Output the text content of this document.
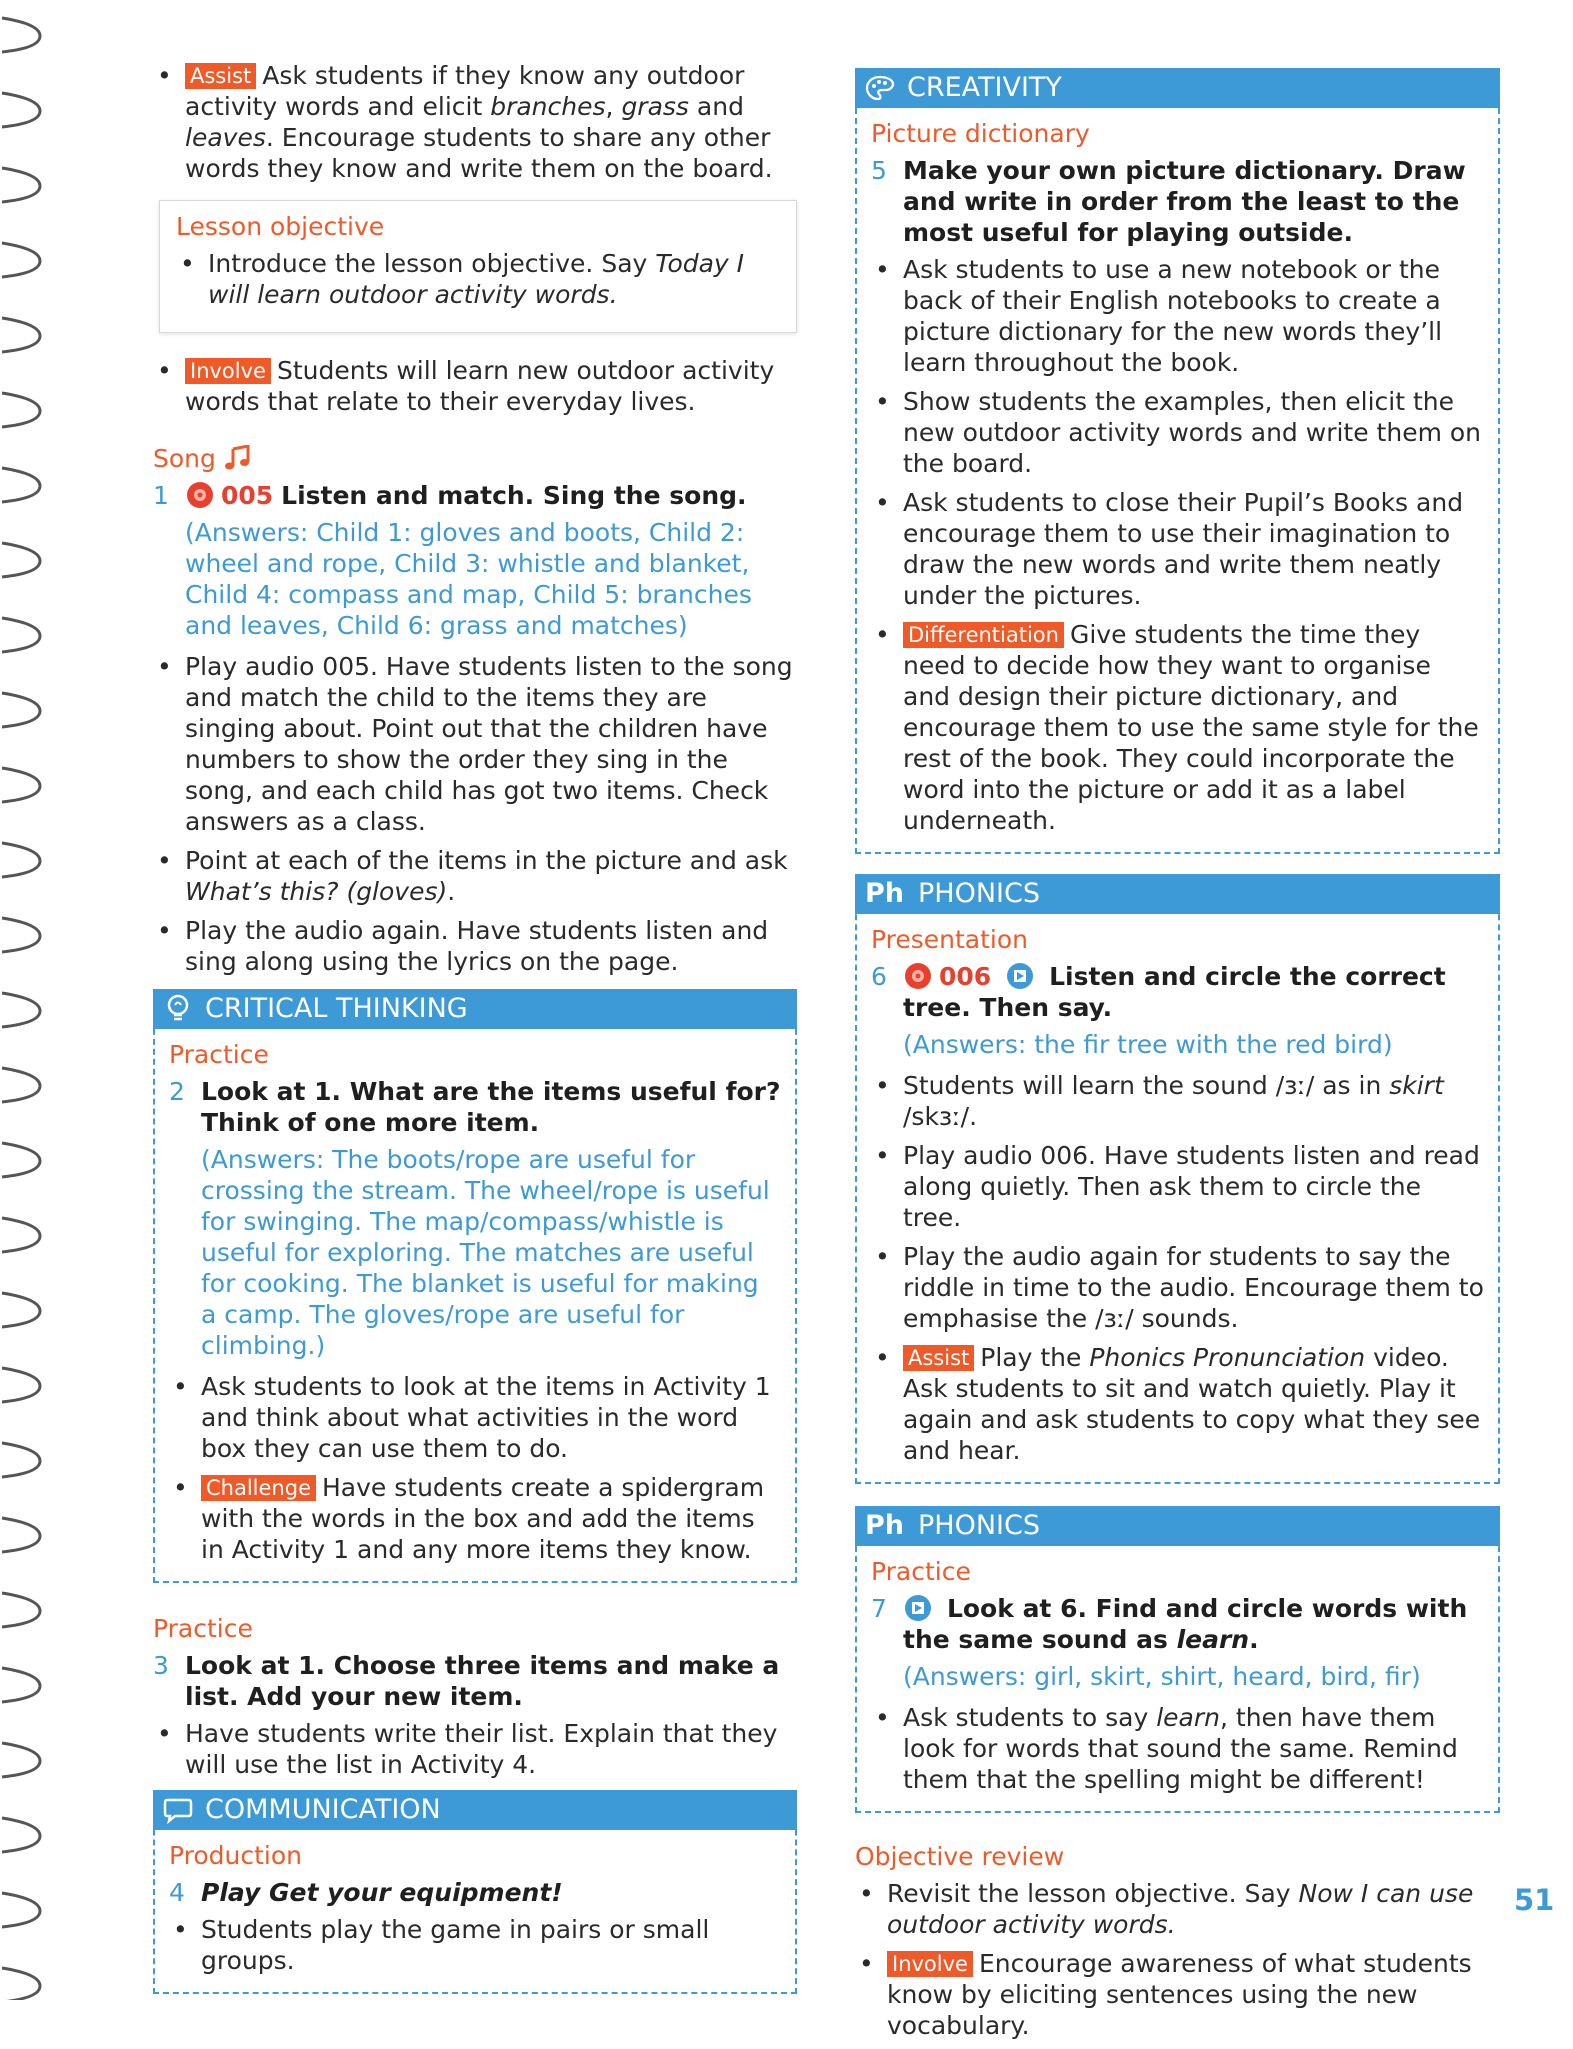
• Assist Ask students if they know any outdoor activity words and elicit branches, grass and leaves. Encourage students to share any other words they know and write them on the board.
Lesson objective
• Introduce the lesson objective. Say Today I will learn outdoor activity words.
• Involve Students will learn new outdoor activity words that relate to their everyday lives.
Song
1 005 Listen and match. Sing the song.
(Answers: Child 1: gloves and boots, Child 2: wheel and rope, Child 3: whistle and blanket, Child 4: compass and map, Child 5: branches and leaves, Child 6: grass and matches)
• Play audio 005. Have students listen to the song and match the child to the items they are singing about. Point out that the children have numbers to show the order they sing in the song, and each child has got two items. Check answers as a class.
• Point at each of the items in the picture and ask What’s this? (gloves).
• Play the audio again. Have students listen and sing along using the lyrics on the page.
CRITICAL THINKING
Practice
2 Look at 1. What are the items useful for? Think of one more item.
(Answers: The boots/rope are useful for crossing the stream. The wheel/rope is useful for swinging. The map/compass/whistle is useful for exploring. The matches are useful for cooking. The blanket is useful for making a camp. The gloves/rope are useful for climbing.)
• Ask students to look at the items in Activity 1 and think about what activities in the word box they can use them to do.
• Challenge Have students create a spidergram with the words in the box and add the items in Activity 1 and any more items they know.
Practice
3 Look at 1. Choose three items and make a list. Add your new item.
• Have students write their list. Explain that they will use the list in Activity 4.
COMMUNICATION
Production
4 Play Get your equipment!
• Students play the game in pairs or small groups.
CREATIVITY
Picture dictionary
5 Make your own picture dictionary. Draw and write in order from the least to the most useful for playing outside.
• Ask students to use a new notebook or the back of their English notebooks to create a picture dictionary for the new words they’ll learn throughout the book.
• Show students the examples, then elicit the new outdoor activity words and write them on the board.
• Ask students to close their Pupil’s Books and encourage them to use their imagination to draw the new words and write them neatly under the pictures.
• Differentiation Give students the time they need to decide how they want to organise and design their picture dictionary, and encourage them to use the same style for the rest of the book. They could incorporate the word into the picture or add it as a label underneath.
Ph PHONICS
Presentation
6 006 Listen and circle the correct tree. Then say.
(Answers: the fir tree with the red bird)
• Students will learn the sound /ɜː/ as in skirt /skɜː/.
• Play audio 006. Have students listen and read along quietly. Then ask them to circle the tree.
• Play the audio again for students to say the riddle in time to the audio. Encourage them to emphasise the /ɜː/ sounds.
• Assist Play the Phonics Pronunciation video. Ask students to sit and watch quietly. Play it again and ask students to copy what they see and hear.
Ph PHONICS
Practice
7 Look at 6. Find and circle words with the same sound as learn.
(Answers: girl, skirt, shirt, heard, bird, fir)
• Ask students to say learn, then have them look for words that sound the same. Remind them that the spelling might be different!
Objective review
• Revisit the lesson objective. Say Now I can use outdoor activity words.
• Involve Encourage awareness of what students know by eliciting sentences using the new vocabulary.
51
